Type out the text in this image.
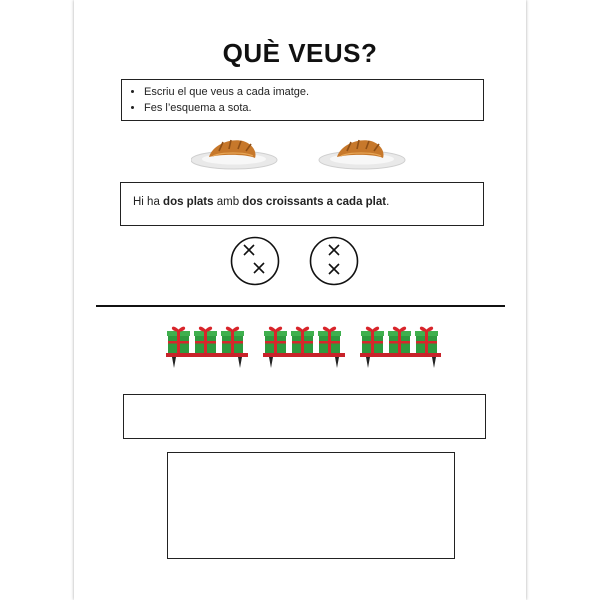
QUÈ VEUS?
• Escriu el que veus a cada imatge.
• Fes l’esquema a sota.
Hi ha dos plats amb dos croissants a cada plat.
